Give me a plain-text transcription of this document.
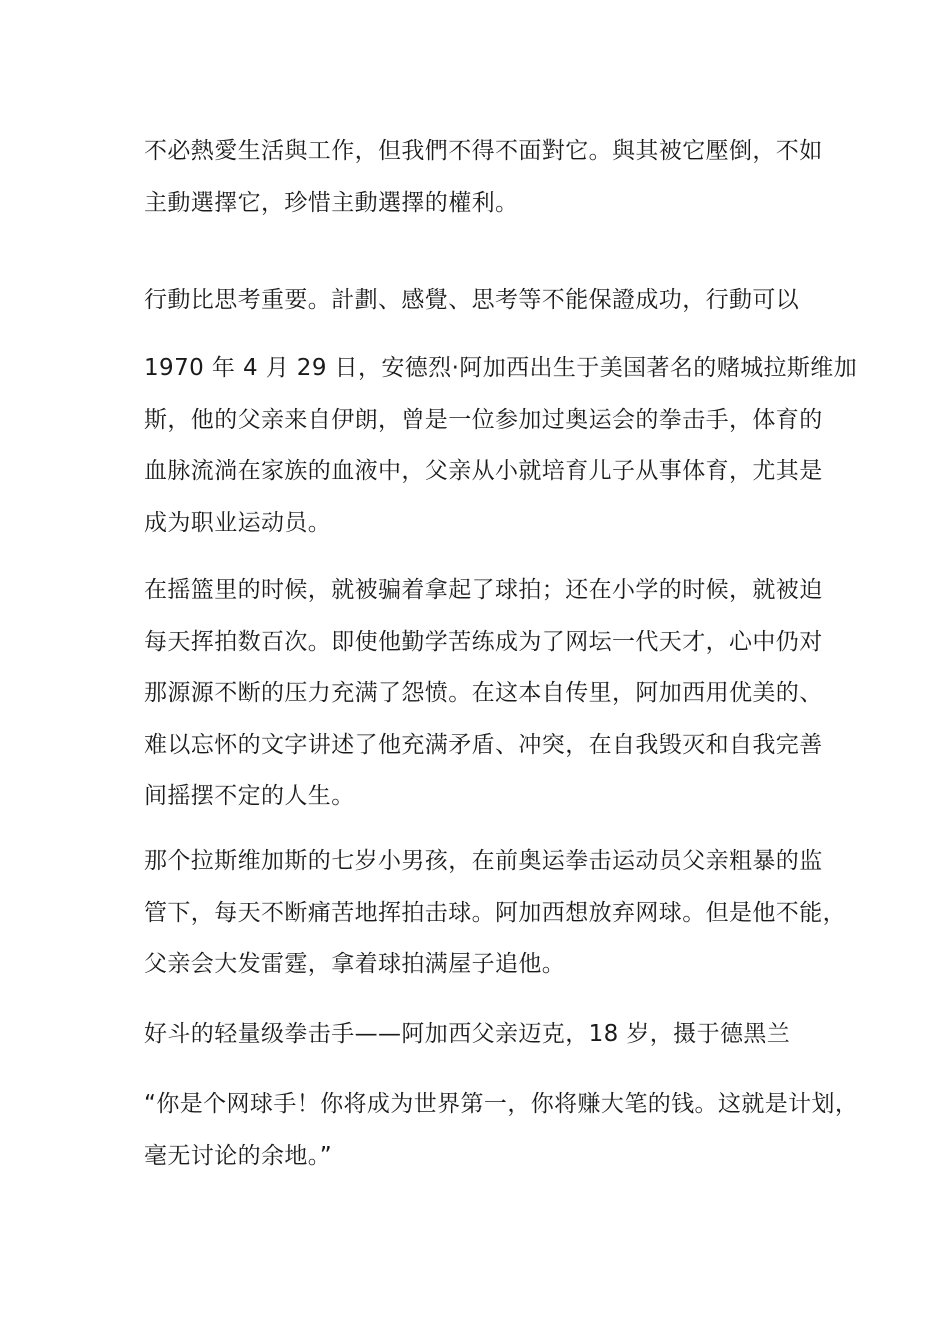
不必熱愛生活與工作，但我們不得不面對它。與其被它壓倒，不如
主動選擇它，珍惜主動選擇的權利。

行動比思考重要。計劃、感覺、思考等不能保證成功，行動可以

1970 年 4 月 29 日，安德烈·阿加西出生于美国著名的赌城拉斯维加
斯，他的父亲来自伊朗，曾是一位参加过奥运会的拳击手，体育的
血脉流淌在家族的血液中，父亲从小就培育儿子从事体育，尤其是
成为职业运动员。

在摇篮里的时候，就被骗着拿起了球拍；还在小学的时候，就被迫
每天挥拍数百次。即使他勤学苦练成为了网坛一代天才，心中仍对
那源源不断的压力充满了怨愤。在这本自传里，阿加西用优美的、
难以忘怀的文字讲述了他充满矛盾、冲突，在自我毁灭和自我完善
间摇摆不定的人生。

那个拉斯维加斯的七岁小男孩，在前奥运拳击运动员父亲粗暴的监
管下，每天不断痛苦地挥拍击球。阿加西想放弃网球。但是他不能，
父亲会大发雷霆，拿着球拍满屋子追他。

好斗的轻量级拳击手——阿加西父亲迈克，18 岁，摄于德黑兰

“你是个网球手！你将成为世界第一，你将赚大笔的钱。这就是计划，
毫无讨论的余地。”
